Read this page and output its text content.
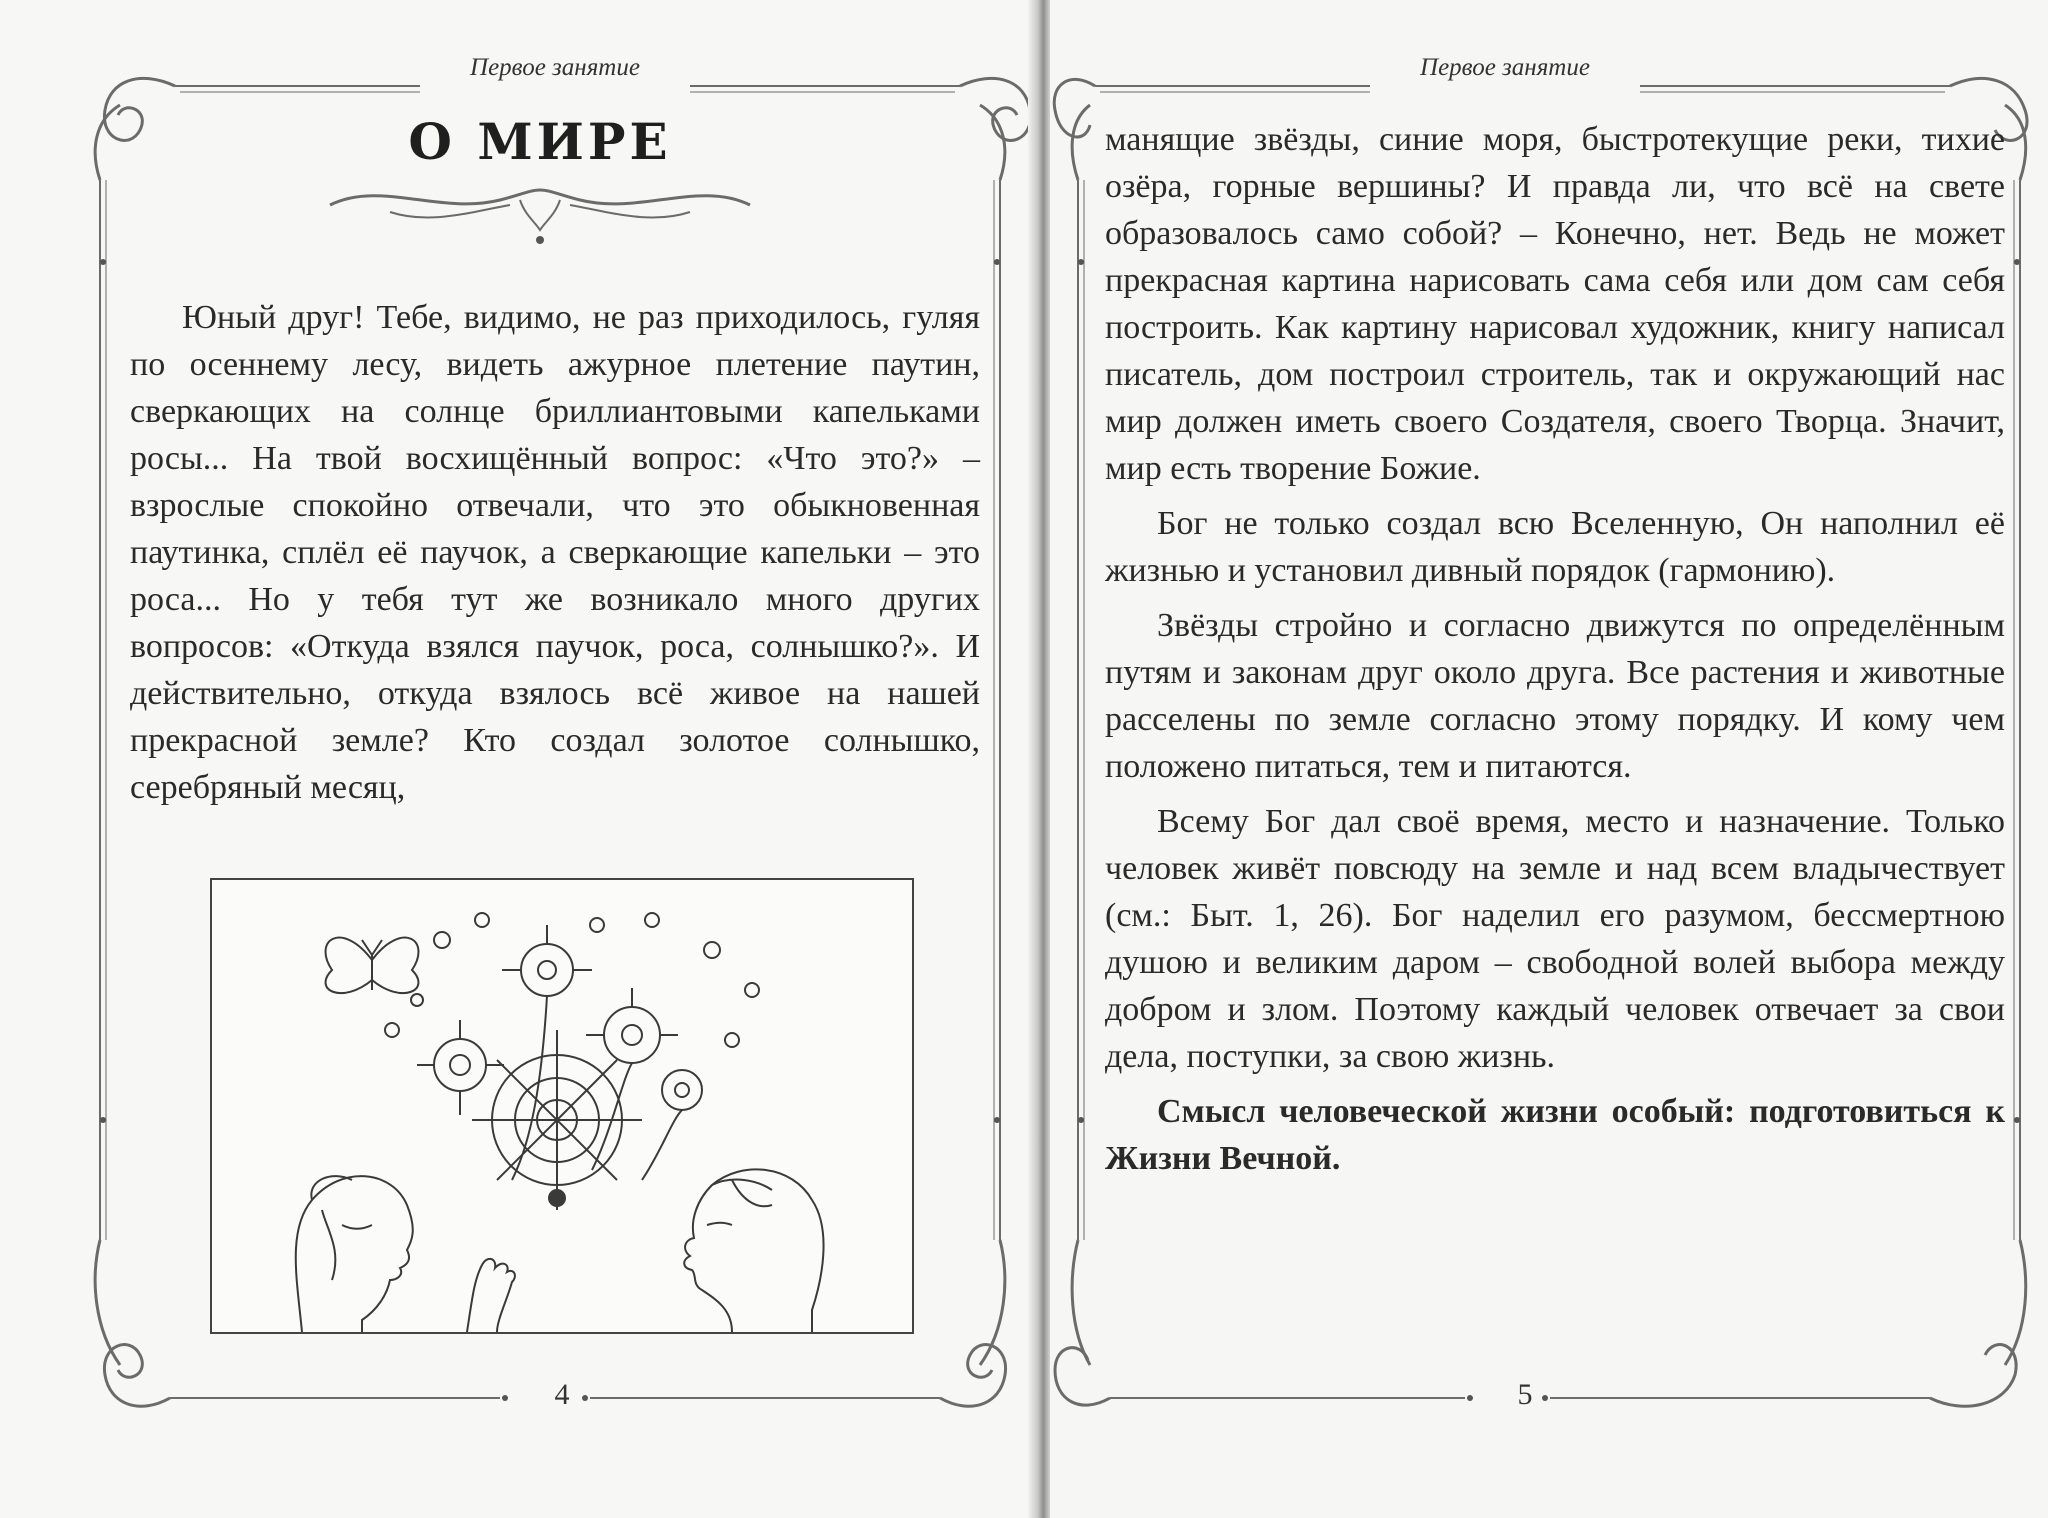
Первое занятие
О МИРЕ

Юный друг! Тебе, видимо, не раз приходилось, гуляя по осеннему лесу, видеть ажурное плетение паутин, сверкающих на солнце бриллиантовыми капельками росы... На твой восхищённый вопрос: «Что это?» – взрослые спокойно отвечали, что это обыкновенная паутинка, сплёл её паучок, а сверкающие капельки – это роса... Но у тебя тут же возникало много других вопросов: «Откуда взялся паучок, роса, солнышко?». И действительно, откуда взялось всё живое на нашей прекрасной земле? Кто создал золотое солнышко, серебряный месяц,

4
Первое занятие

манящие звёзды, синие моря, быстротекущие реки, тихие озёра, горные вершины? И правда ли, что всё на свете образовалось само собой? – Конечно, нет. Ведь не может прекрасная картина нарисовать сама себя или дом сам себя построить. Как картину нарисовал художник, книгу написал писатель, дом построил строитель, так и окружающий нас мир должен иметь своего Создателя, своего Творца. Значит, мир есть творение Божие.

Бог не только создал всю Вселенную, Он наполнил её жизнью и установил дивный порядок (гармонию).

Звёзды стройно и согласно движутся по определённым путям и законам друг около друга. Все растения и животные расселены по земле согласно этому порядку. И кому чем положено питаться, тем и питаются.

Всему Бог дал своё время, место и назначение. Только человек живёт повсюду на земле и над всем владычествует (см.: Быт. 1, 26). Бог наделил его разумом, бессмертною душою и великим даром – свободной волей выбора между добром и злом. Поэтому каждый человек отвечает за свои дела, поступки, за свою жизнь.

Смысл человеческой жизни особый: подготовиться к Жизни Вечной.

5
